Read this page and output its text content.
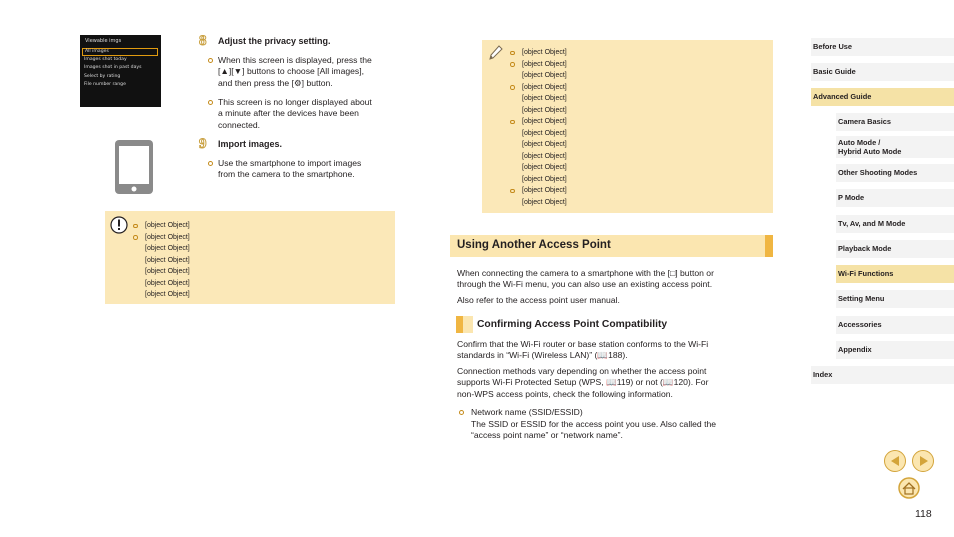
Viewable imgs
All images
Images shot today
Images shot in past days
Select by rating
File number range
8 Adjust the privacy setting.
When this screen is displayed, press the
[▲][▼] buttons to choose [All images],
and then press the [⚙] button.
This screen is no longer displayed about
a minute after the devices have been
connected.
9 Import images.
Use the smartphone to import images
from the camera to the smartphone.
[object Object]
[object Object]
[object Object]
[object Object]
[object Object]
[object Object]
[object Object]
[object Object]
[object Object]
[object Object]
[object Object]
[object Object]
[object Object]
[object Object]
[object Object]
[object Object]
[object Object]
[object Object]
[object Object]
[object Object]
[object Object]
Using Another Access Point
When connecting the camera to a smartphone with the [□] button or
through the Wi-Fi menu, you can also use an existing access point.
Also refer to the access point user manual.
Confirming Access Point Compatibility
Confirm that the Wi-Fi router or base station conforms to the Wi-Fi
standards in “Wi-Fi (Wireless LAN)” (📖188).
Connection methods vary depending on whether the access point
supports Wi-Fi Protected Setup (WPS, 📖119) or not (📖120). For
non-WPS access points, check the following information.
Network name (SSID/ESSID)
The SSID or ESSID for the access point you use. Also called the
“access point name” or “network name”.
Before Use
Basic Guide
Advanced Guide
Camera Basics
Auto Mode /
Hybrid Auto Mode
Other Shooting Modes
P Mode
Tv, Av, and M Mode
Playback Mode
Wi-Fi Functions
Setting Menu
Accessories
Appendix
Index
118
